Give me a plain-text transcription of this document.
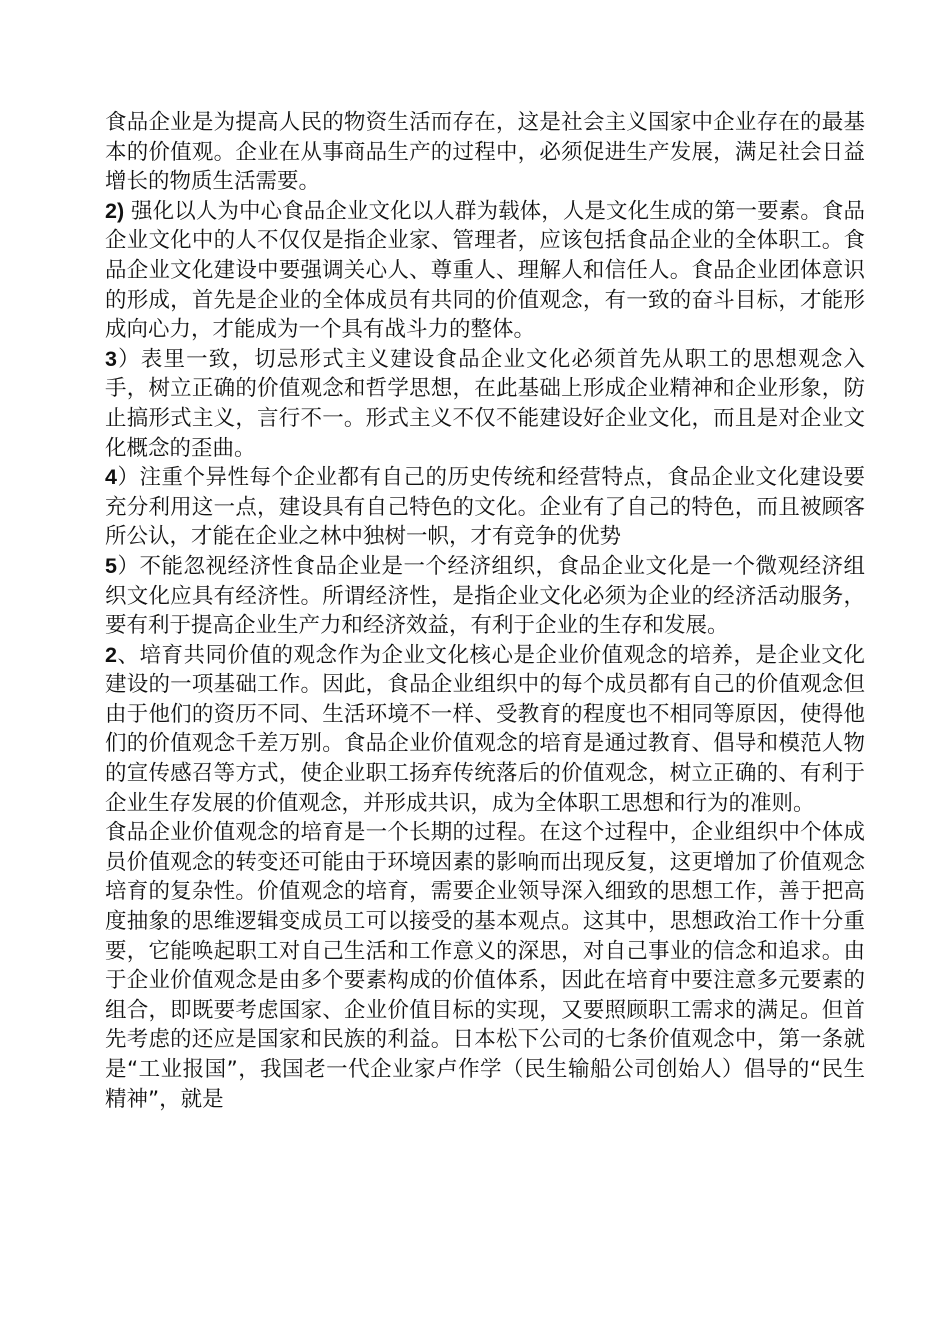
食品企业是为提高人民的物资生活而存在，这是社会主义国家中企业存在的最基本的价值观。企业在从事商品生产的过程中，必须促进生产发展，满足社会日益增长的物质生活需要。

2) 强化以人为中心食品企业文化以人群为载体，人是文化生成的第一要素。食品企业文化中的人不仅仅是指企业家、管理者，应该包括食品企业的全体职工。食品企业文化建设中要强调关心人、尊重人、理解人和信任人。食品企业团体意识的形成，首先是企业的全体成员有共同的价值观念，有一致的奋斗目标，才能形成向心力，才能成为一个具有战斗力的整体。

3）表里一致，切忌形式主义建设食品企业文化必须首先从职工的思想观念入手，树立正确的价值观念和哲学思想，在此基础上形成企业精神和企业形象，防止搞形式主义，言行不一。形式主义不仅不能建设好企业文化，而且是对企业文化概念的歪曲。

4）注重个异性每个企业都有自己的历史传统和经营特点，食品企业文化建设要充分利用这一点，建设具有自己特色的文化。企业有了自己的特色，而且被顾客所公认，才能在企业之林中独树一帜，才有竞争的优势

5）不能忽视经济性食品企业是一个经济组织，食品企业文化是一个微观经济组织文化应具有经济性。所谓经济性，是指企业文化必须为企业的经济活动服务，要有利于提高企业生产力和经济效益，有利于企业的生存和发展。

2、培育共同价值的观念作为企业文化核心是企业价值观念的培养，是企业文化建设的一项基础工作。因此，食品企业组织中的每个成员都有自己的价值观念但由于他们的资历不同、生活环境不一样、受教育的程度也不相同等原因，使得他们的价值观念千差万别。食品企业价值观念的培育是通过教育、倡导和模范人物的宣传感召等方式，使企业职工扬弃传统落后的价值观念，树立正确的、有利于企业生存发展的价值观念，并形成共识，成为全体职工思想和行为的准则。

食品企业价值观念的培育是一个长期的过程。在这个过程中，企业组织中个体成员价值观念的转变还可能由于环境因素的影响而出现反复，这更增加了价值观念培育的复杂性。价值观念的培育，需要企业领导深入细致的思想工作，善于把高度抽象的思维逻辑变成员工可以接受的基本观点。这其中，思想政治工作十分重要，它能唤起职工对自己生活和工作意义的深思，对自己事业的信念和追求。由于企业价值观念是由多个要素构成的价值体系，因此在培育中要注意多元要素的组合，即既要考虑国家、企业价值目标的实现，又要照顾职工需求的满足。但首先考虑的还应是国家和民族的利益。日本松下公司的七条价值观念中，第一条就是“工业报国”，我国老一代企业家卢作学（民生输船公司创始人）倡导的“民生精神”，就是
